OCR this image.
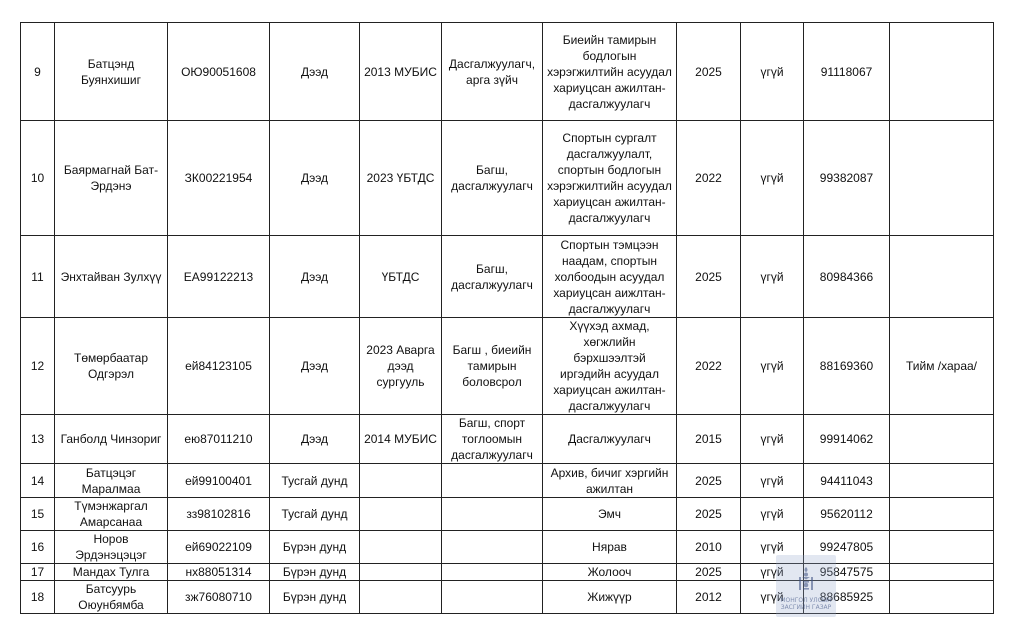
9	Батцэнд Буянхишиг	ОЮ90051608	Дээд	2013 МУБИС	Дасгалжуулагч, арга зүйч	Биеийн тамирын бодлогын хэрэгжилтийн асуудал хариуцсан ажилтан-дасгалжуулагч	2025	үгүй	91118067	
10	Баярмагнай Бат-Эрдэнэ	ЗК00221954	Дээд	2023 ҮБТДС	Багш, дасгалжуулагч	Спортын сургалт дасгалжуулалт, спортын бодлогын хэрэгжилтийн асуудал хариуцсан ажилтан-дасгалжуулагч	2022	үгүй	99382087	
11	Энхтайван Зулхүү	ЕА99122213	Дээд	ҮБТДС	Багш, дасгалжуулагч	Спортын тэмцээн наадам, спортын холбоодын асуудал хариуцсан аижлтан-дасгалжуулагч	2025	үгүй	80984366	
12	Төмөрбаатар Одгэрэл	ей84123105	Дээд	2023 Аварга дээд сургууль	Багш , биеийн тамирын боловсрол	Хүүхэд ахмад, хөгжлийн бэрхшээлтэй иргэдийн асуудал хариуцсан ажилтан-дасгалжуулагч	2022	үгүй	88169360	Тийм /хараа/
13	Ганболд Чинзориг	ею87011210	Дээд	2014 МУБИС	Багш, спорт тоглоомын дасгалжуулагч	Дасгалжуулагч	2015	үгүй	99914062	
14	Батцэцэг Маралмаа	ей99100401	Тусгай дунд			Архив, бичиг хэргийн ажилтан	2025	үгүй	94411043	
15	Түмэнжаргал Амарсанаа	зз98102816	Тусгай дунд			Эмч	2025	үгүй	95620112	
16	Норов Эрдэнэцэцэг	ей69022109	Бүрэн дунд			Нярав	2010	үгүй	99247805	
17	Мандах Тулга	нх88051314	Бүрэн дунд			Жолооч	2025	үгүй	95847575	
18	Батсуурь Оюунбямба	зж76080710	Бүрэн дунд			Жижүүр	2012	үгүй	88685925	
МОНГОЛ УЛСЫН ЗАСГИЙН ГАЗАР
